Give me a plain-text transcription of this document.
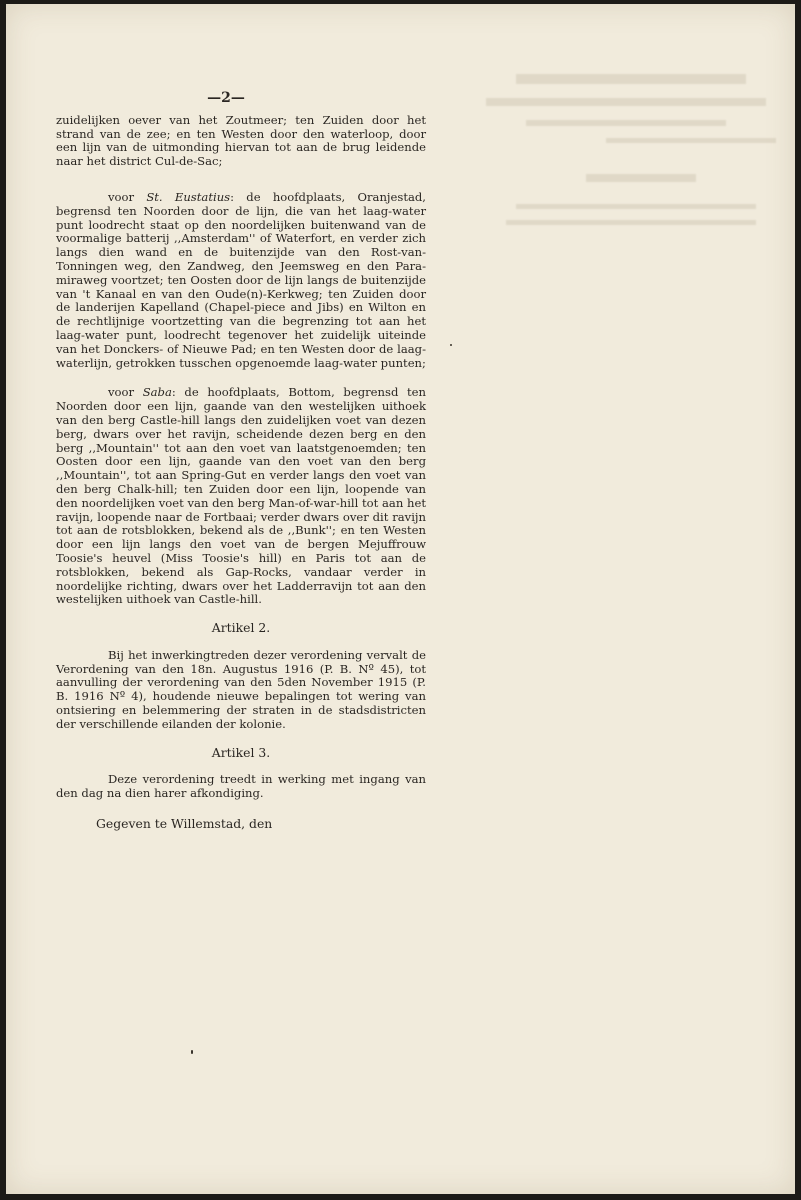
—2—

zuidelijken oever van het Zoutmeer; ten Zuiden door het strand van de zee; en ten Westen door den waterloop, door een lijn van de uitmonding hiervan tot aan de brug leidende naar het district Cul-de-Sac;

voor St. Eustatius: de hoofdplaats, Oranjestad, begrensd ten Noorden door de lijn, die van het laag-water punt loodrecht staat op den noordelijken buitenwand van de voormalige batterij ,,Amsterdam'' of Waterfort, en verder zich langs dien wand en de buitenzijde van den Rost-van-Tonningen weg, den Zandweg, den Jeemsweg en den Para-miraweg voortzet; ten Oosten door de lijn langs de buitenzijde van 't Kanaal en van den Oude(n)-Kerkweg; ten Zuiden door de landerijen Kapelland (Chapel-piece and Jibs) en Wilton en de rechtlijnige voortzetting van die begrenzing tot aan het laag-water punt, loodrecht tegenover het zuidelijk uiteinde van het Donckers- of Nieuwe Pad; en ten Westen door de laag-waterlijn, getrokken tusschen opgenoemde laag-water punten;

voor Saba: de hoofdplaats, Bottom, begrensd ten Noorden door een lijn, gaande van den westelijken uithoek van den berg Castle-hill langs den zuidelijken voet van dezen berg, dwars over het ravijn, scheidende dezen berg en den berg ,,Mountain'' tot aan den voet van laatstgenoemden; ten Oosten door een lijn, gaande van den voet van den berg ,,Mountain'', tot aan Spring-Gut en verder langs den voet van den berg Chalk-hill; ten Zuiden door een lijn, loopende van den noordelijken voet van den berg Man-of-war-hill tot aan het ravijn, loopende naar de Fortbaai; verder dwars over dit ravijn tot aan de rotsblokken, bekend als de ,,Bunk''; en ten Westen door een lijn langs den voet van de bergen Mejuffrouw Toosie's heuvel (Miss Toosie's hill) en Paris tot aan de rotsblokken, bekend als Gap-Rocks, vandaar verder in noordelijke richting, dwars over het Ladderravijn tot aan den westelijken uithoek van Castle-hill.

Artikel 2.

Bij het inwerkingtreden dezer verordening vervalt de Verordening van den 18n. Augustus 1916 (P. B. Nº 45), tot aanvulling der verordening van den 5den November 1915 (P. B. 1916 Nº 4), houdende nieuwe bepalingen tot wering van ontsiering en belemmering der straten in de stadsdistricten der verschillende eilanden der kolonie.

Artikel 3.

Deze verordening treedt in werking met ingang van den dag na dien harer afkondiging.

Gegeven te Willemstad, den
